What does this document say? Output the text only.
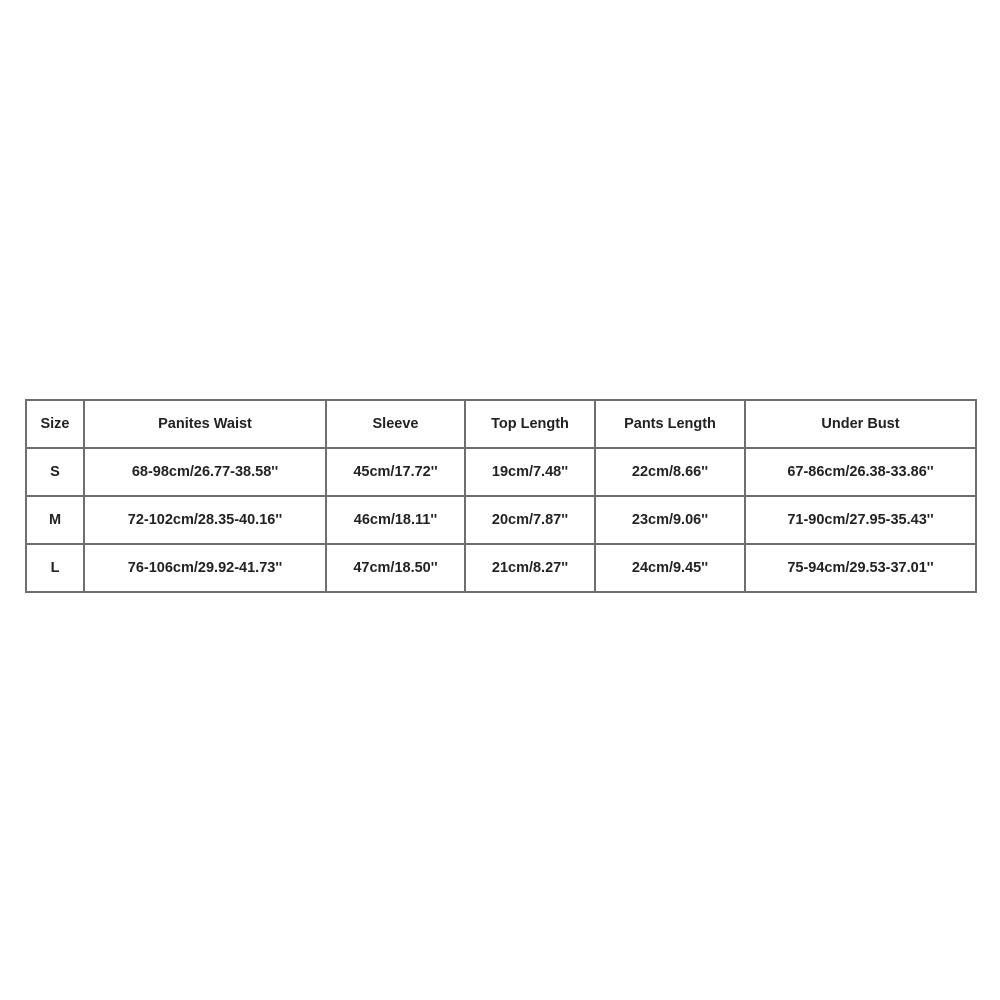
Size	Panites Waist	Sleeve	Top Length	Pants Length	Under Bust
S	68-98cm/26.77-38.58''	45cm/17.72''	19cm/7.48''	22cm/8.66''	67-86cm/26.38-33.86''
M	72-102cm/28.35-40.16''	46cm/18.11''	20cm/7.87''	23cm/9.06''	71-90cm/27.95-35.43''
L	76-106cm/29.92-41.73''	47cm/18.50''	21cm/8.27''	24cm/9.45''	75-94cm/29.53-37.01''
